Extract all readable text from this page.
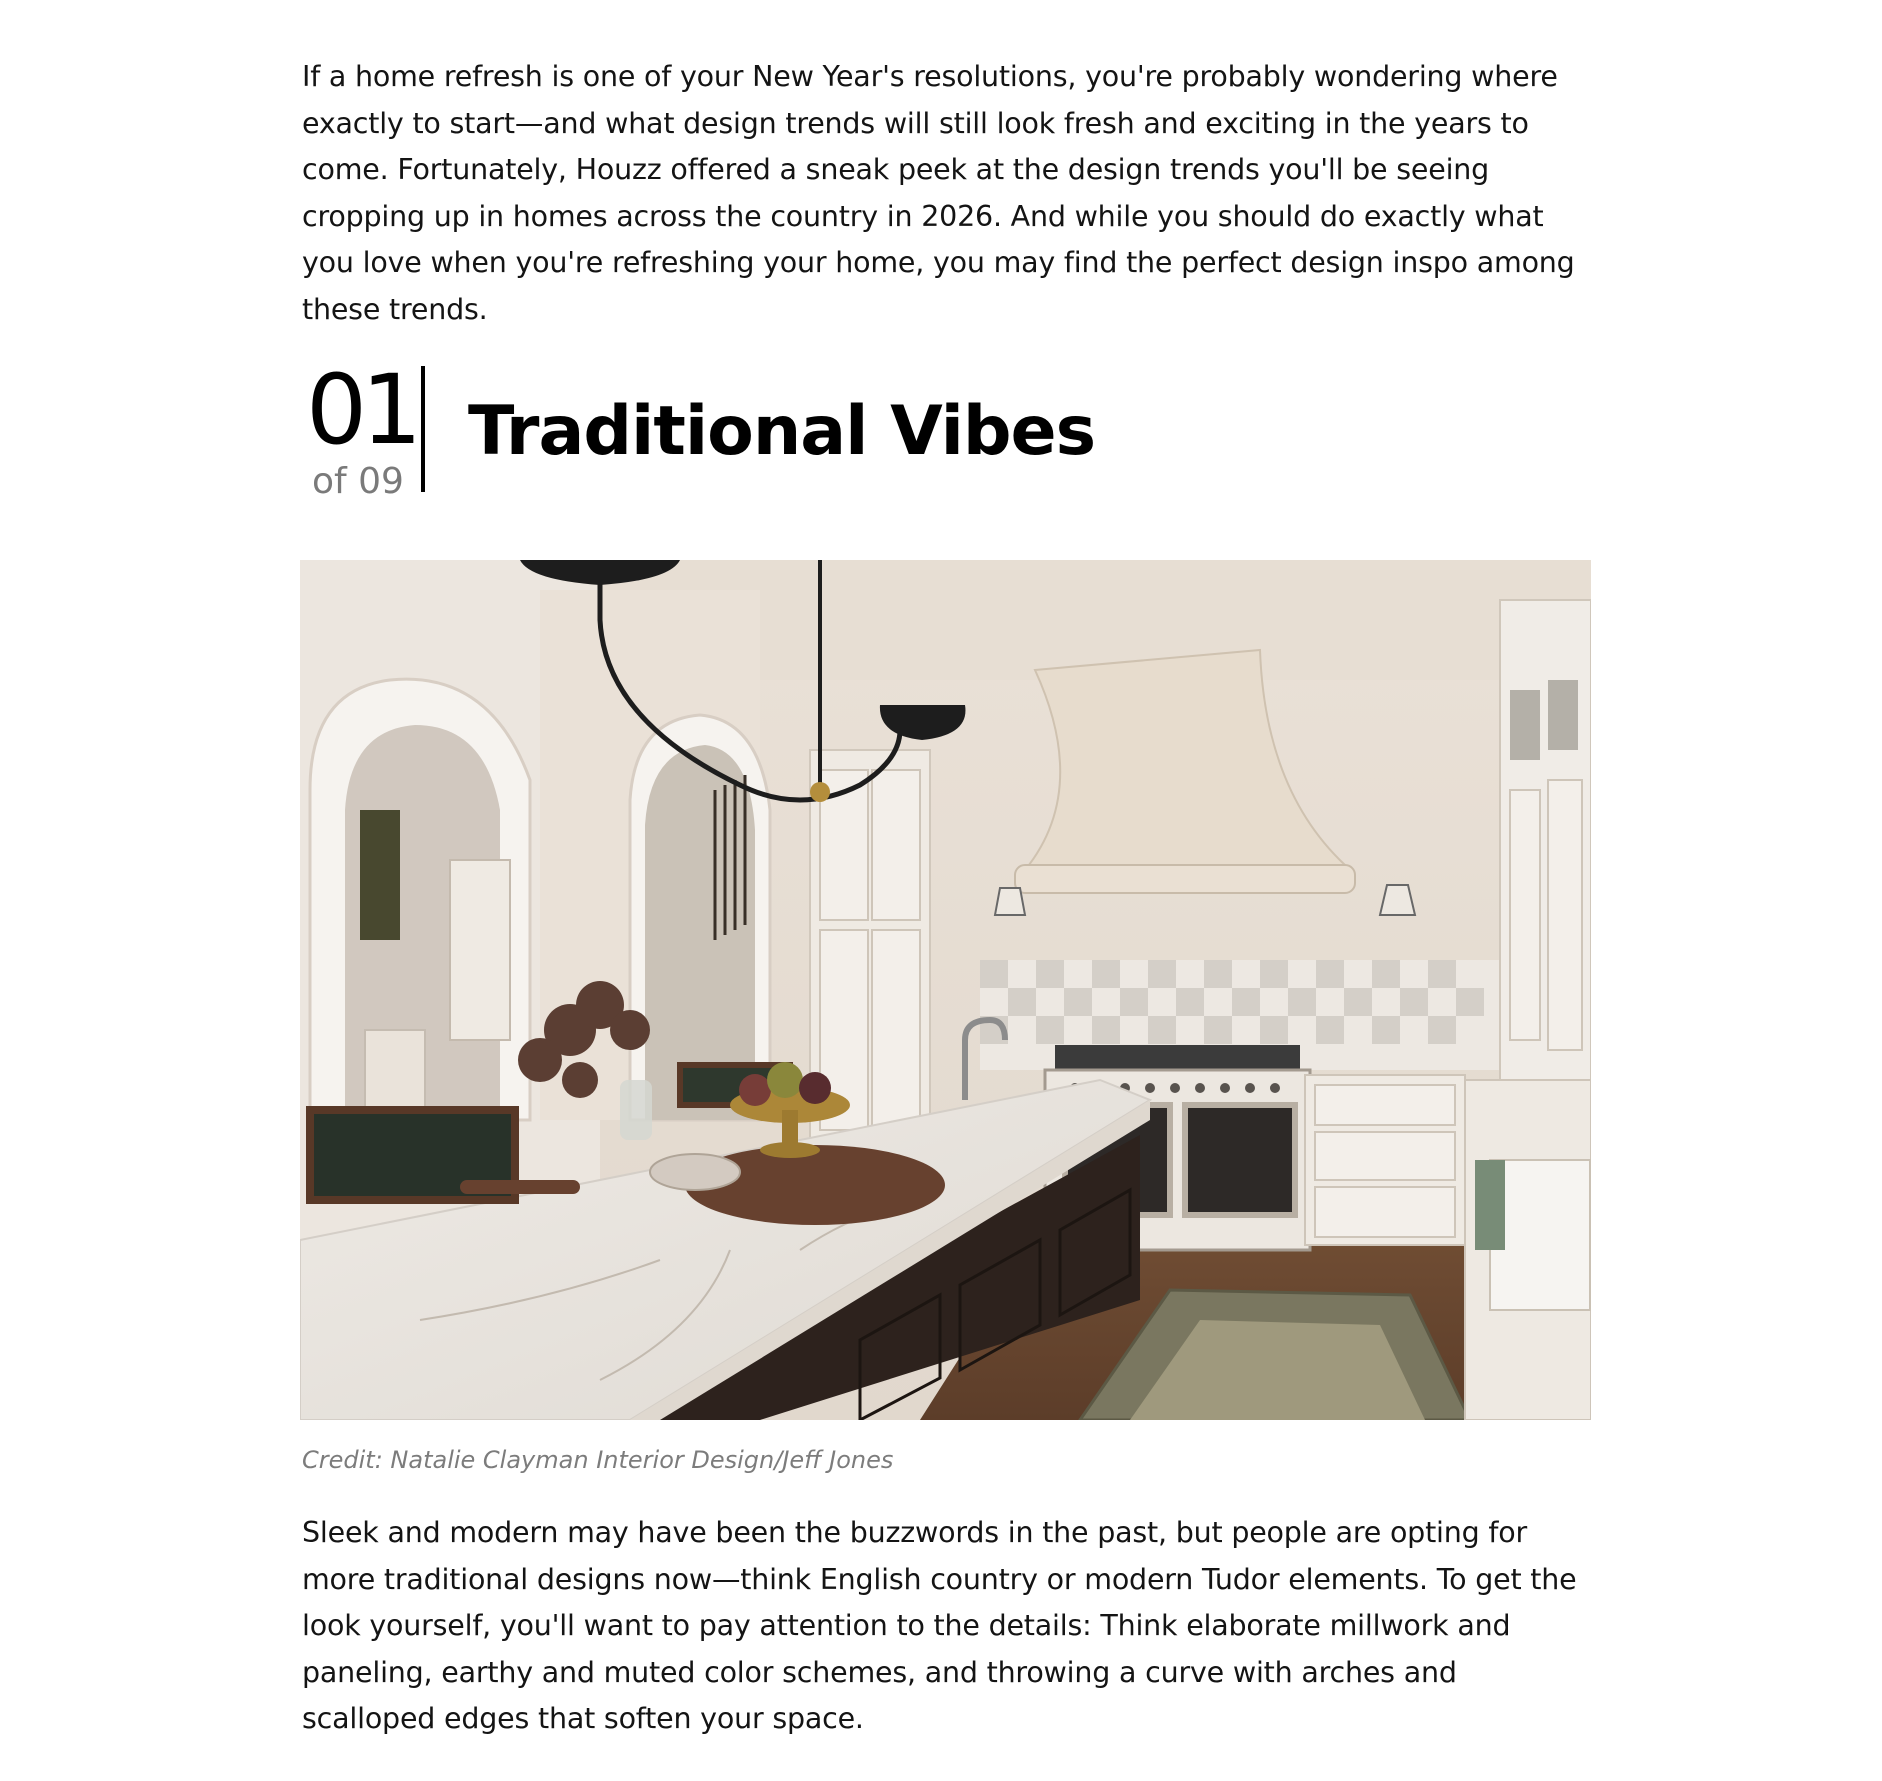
If a home refresh is one of your New Year's resolutions, you're probably wondering where exactly to start—and what design trends will still look fresh and exciting in the years to come. Fortunately, Houzz offered a sneak peek at the design trends you'll be seeing cropping up in homes across the country in 2026. And while you should do exactly what you love when you're refreshing your home, you may find the perfect design inspo among these trends.

01
of 09
Traditional Vibes
Credit: Natalie Clayman Interior Design/Jeff Jones

Sleek and modern may have been the buzzwords in the past, but people are opting for more traditional designs now—think English country or modern Tudor elements. To get the look yourself, you'll want to pay attention to the details: Think elaborate millwork and paneling, earthy and muted color schemes, and throwing a curve with arches and scalloped edges that soften your space.
